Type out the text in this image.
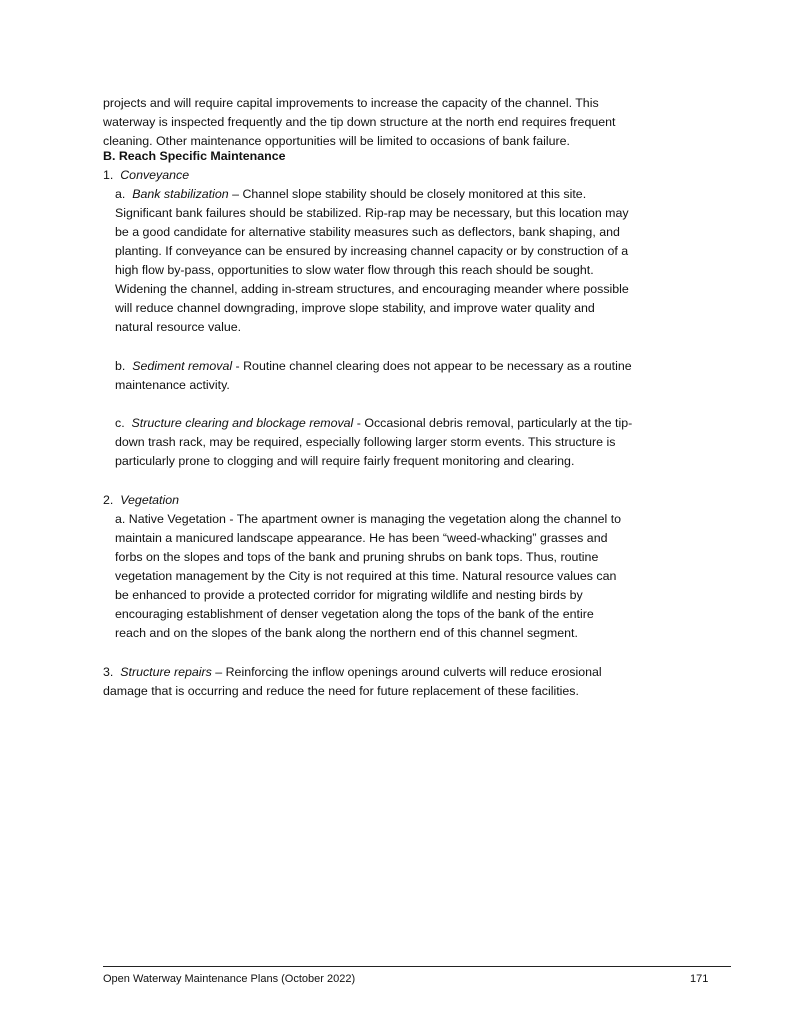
projects and will require capital improvements to increase the capacity of the channel. This
waterway is inspected frequently and the tip down structure at the north end requires frequent
cleaning. Other maintenance opportunities will be limited to occasions of bank failure.
B. Reach Specific Maintenance
1. Conveyance
a. Bank stabilization – Channel slope stability should be closely monitored at this site.
Significant bank failures should be stabilized. Rip-rap may be necessary, but this location may
be a good candidate for alternative stability measures such as deflectors, bank shaping, and
planting. If conveyance can be ensured by increasing channel capacity or by construction of a
high flow by-pass, opportunities to slow water flow through this reach should be sought.
Widening the channel, adding in-stream structures, and encouraging meander where possible
will reduce channel downgrading, improve slope stability, and improve water quality and
natural resource value.
b. Sediment removal - Routine channel clearing does not appear to be necessary as a routine
maintenance activity.
c. Structure clearing and blockage removal - Occasional debris removal, particularly at the tip-
down trash rack, may be required, especially following larger storm events. This structure is
particularly prone to clogging and will require fairly frequent monitoring and clearing.
2. Vegetation
a. Native Vegetation - The apartment owner is managing the vegetation along the channel to
maintain a manicured landscape appearance. He has been “weed-whacking” grasses and
forbs on the slopes and tops of the bank and pruning shrubs on bank tops. Thus, routine
vegetation management by the City is not required at this time. Natural resource values can
be enhanced to provide a protected corridor for migrating wildlife and nesting birds by
encouraging establishment of denser vegetation along the tops of the bank of the entire
reach and on the slopes of the bank along the northern end of this channel segment.
3. Structure repairs – Reinforcing the inflow openings around culverts will reduce erosional
damage that is occurring and reduce the need for future replacement of these facilities.
Open Waterway Maintenance Plans (October 2022)	171
